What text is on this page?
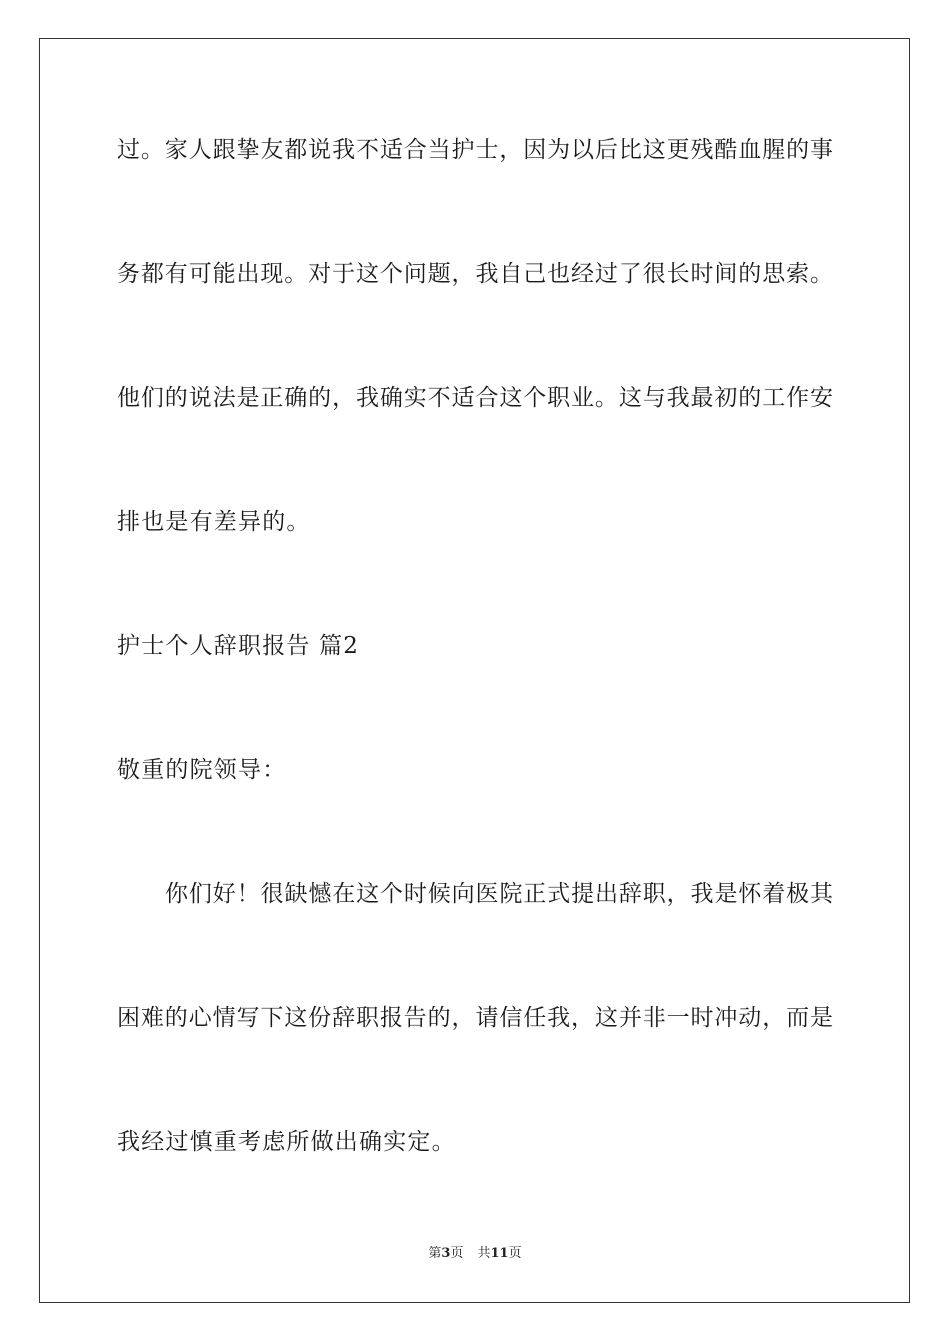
过。家人跟挚友都说我不适合当护士，因为以后比这更残酷血腥的事
务都有可能出现。对于这个问题，我自己也经过了很长时间的思索。
他们的说法是正确的，我确实不适合这个职业。这与我最初的工作安
排也是有差异的。
护士个人辞职报告 篇2
敬重的院领导：
你们好！很缺憾在这个时候向医院正式提出辞职，我是怀着极其
困难的心情写下这份辞职报告的，请信任我，这并非一时冲动，而是
我经过慎重考虑所做出确实定。
第3页 共11页
